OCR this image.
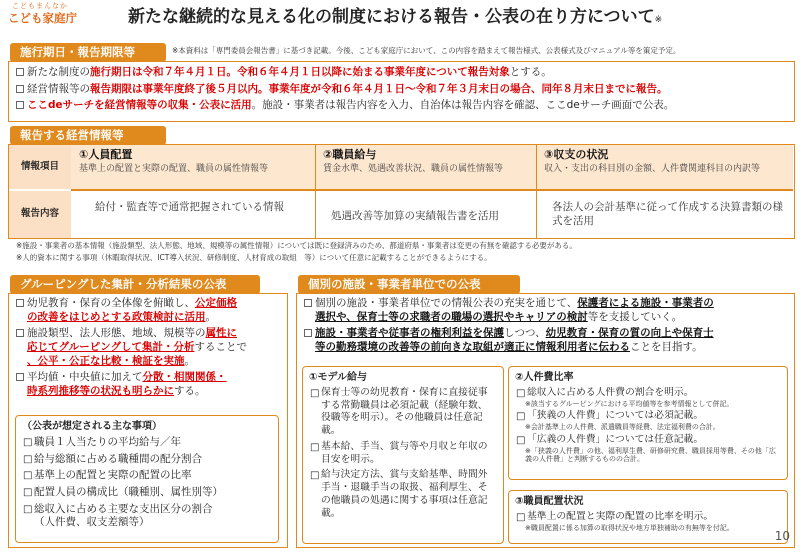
こどもまんなか
こども家庭庁	新たな継続的な見える化の制度における報告・公表の在り方について※
施行期日・報告期限等	※本資料は「専門委員会報告書」に基づき記載。今後、こども家庭庁において、この内容を踏まえて報告様式、公表様式及びマニュアル等を策定予定。
新たな制度の施行期日は令和７年４月１日。令和６年４月１日以降に始まる事業年度について報告対象とする。
経営情報等の報告期限は事業年度終了後５月以内。事業年度が令和６年４月１日～令和７年３月末日の場合、同年８月末日までに報告。
ここdeサーチを経営情報等の収集・公表に活用。施設・事業者は報告内容を入力、自治体は報告内容を確認、ここdeサーチ画面で公表。
報告する経営情報等
情報項目
報告内容
①人員配置
基準上の配置と実際の配置、職員の属性情報等
②職員給与
賃金水準、処遇改善状況、職員の属性情報等
③収支の状況
収入・支出の科目別の金額、人件費関連科目の内訳等
給付・監査等で通常把握されている情報
処遇改善等加算の実績報告書を活用
各法人の会計基準に従って作成する決算書類の様式を活用
※施設・事業者の基本情報（施設類型、法人形態、地域、規模等の属性情報）については既に登録済みのため、都道府県・事業者は変更の有無を確認する必要がある。
※人的資本に関する事項（休暇取得状況、ICT導入状況、研修制度、人材育成の取組　等）について任意に記載することができるようにする。
グルーピングした集計・分析結果の公表
幼児教育・保育の全体像を俯瞰し、公定価格
の改善をはじめとする政策検討に活用。
施設類型、法人形態、地域、規模等の属性に
応じてグルーピングして集計・分析することで
、公平・公正な比較・検証を実施。
平均値・中央値に加えて分散・相関関係・
時系列推移等の状況も明らかにする。
（公表が想定される主な事項）
□ 職員１人当たりの平均給与／年
□ 給与総額に占める職種間の配分割合
□ 基準上の配置と実際の配置の比率
□ 配置人員の構成比（職種別、属性別等）
□ 総収入に占める主要な支出区分の割合
（人件費、収支差額等）
個別の施設・事業者単位での公表
個別の施設・事業者単位での情報公表の充実を通じて、保護者による施設・事業者の
選択や、保育士等の求職者の職場の選択やキャリアの検討等を支援していく。
施設・事業者や従事者の権利利益を保護しつつ、幼児教育・保育の質の向上や保育士
等の勤務環境の改善等の前向きな取組が適正に情報利用者に伝わることを目指す。
①モデル給与
□ 保育士等の幼児教育・保育に直接従事する常勤職員は必須記載（経験年数、役職等を明示）。その他職員は任意記載。
□ 基本給、手当、賞与等や月収と年収の目安を明示。
□ 給与決定方法、賞与支給基準、時間外手当・退職手当の取扱、福利厚生、その他職員の処遇に関する事項は任意記載。
②人件費比率
□ 総収入に占める人件費の割合を明示。
※該当するグルーピングにおける平均値等を参考情報として併記。
□ 「狭義の人件費」については必須記載。
※会計基準上の人件費、派遣職員等経費、法定福利費の合計。
□ 「広義の人件費」については任意記載。
※「狭義の人件費」の他、福利厚生費、研修研究費、職員採用等費、その他「広義の人件費」と判断するものの合計。
③職員配置状況
□ 基準上の配置と実際の配置の比率を明示。
※職員配置に係る加算の取得状況や地方単独補助の有無等を付記。
10
